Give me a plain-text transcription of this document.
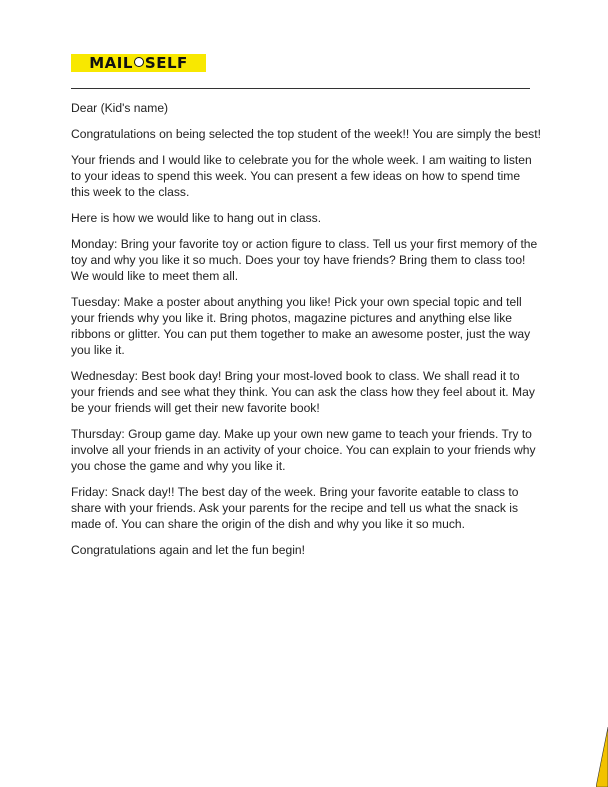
MAIL SELF

Dear (Kid's name)

Congratulations on being selected the top student of the week!! You are simply the best!

Your friends and I would like to celebrate you for the whole week. I am waiting to listen to your ideas to spend this week. You can present a few ideas on how to spend time this week to the class.

Here is how we would like to hang out in class.

Monday: Bring your favorite toy or action figure to class. Tell us your first memory of the toy and why you like it so much. Does your toy have friends? Bring them to class too! We would like to meet them all.

Tuesday: Make a poster about anything you like! Pick your own special topic and tell your friends why you like it. Bring photos, magazine pictures and anything else like ribbons or glitter. You can put them together to make an awesome poster, just the way you like it.

Wednesday: Best book day! Bring your most-loved book to class. We shall read it to your friends and see what they think. You can ask the class how they feel about it. May be your friends will get their new favorite book!

Thursday: Group game day. Make up your own new game to teach your friends. Try to involve all your friends in an activity of your choice. You can explain to your friends why you chose the game and why you like it.

Friday: Snack day!! The best day of the week. Bring your favorite eatable to class to share with your friends. Ask your parents for the recipe and tell us what the snack is made of. You can share the origin of the dish and why you like it so much.

Congratulations again and let the fun begin!
